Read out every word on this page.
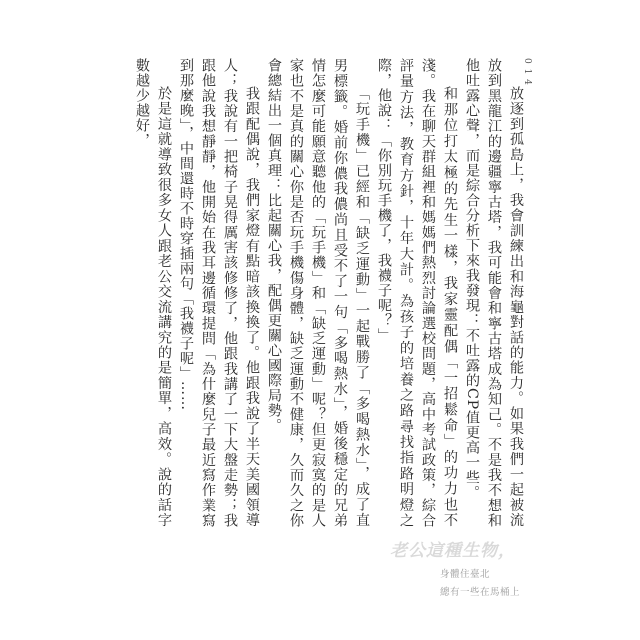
0 1 4

放逐到孤島上，我會訓練出和海龜對話的能力。如果我們一起被流放到黑龍江的邊疆寧古塔，我可能會和寧古塔成為知己。不是我不想和他吐露心聲，而是綜合分析下來我發現：不吐露的CP值更高一些。

和那位打太極的先生一樣，我家靈配偶「一招鬆命」的功力也不淺。我在聊天群組裡和媽媽們熱烈討論選校問題，高中考試政策，綜合評量方法，教育方針，十年大計。為孩子的培養之路尋找指路明燈之際，他說：「你別玩手機了，我襪子呢？」

「玩手機」已經和「缺乏運動」一起戰勝了「多喝熱水」，成了直男標籤。婚前你儂我儂尚且受不了一句「多喝熱水」，婚後穩定的兄弟情怎麼可能願意聽他的「玩手機」和「缺乏運動」呢？但更寂寞的是人家也不是真的關心你是否玩手機傷身體，缺乏運動不健康，久而久之你會總結出一個真理：比起關心我，配偶更關心國際局勢。

我跟配偶說，我們家燈有點暗該換換了。他跟我說了半天美國領導人；我說有一把椅子晃得厲害該修修了，他跟我講了一下大盤走勢；我跟他說我想靜靜，他開始在我耳邊循環提問「為什麼兒子最近寫作業寫到那麼晚」，中間還時不時穿插兩句「我襪子呢」……

於是這就導致很多女人跟老公交流講究的是簡單，高效。說的話字數越少越好，

老公這種生物，
身體住臺北
總有一些在馬桶上
